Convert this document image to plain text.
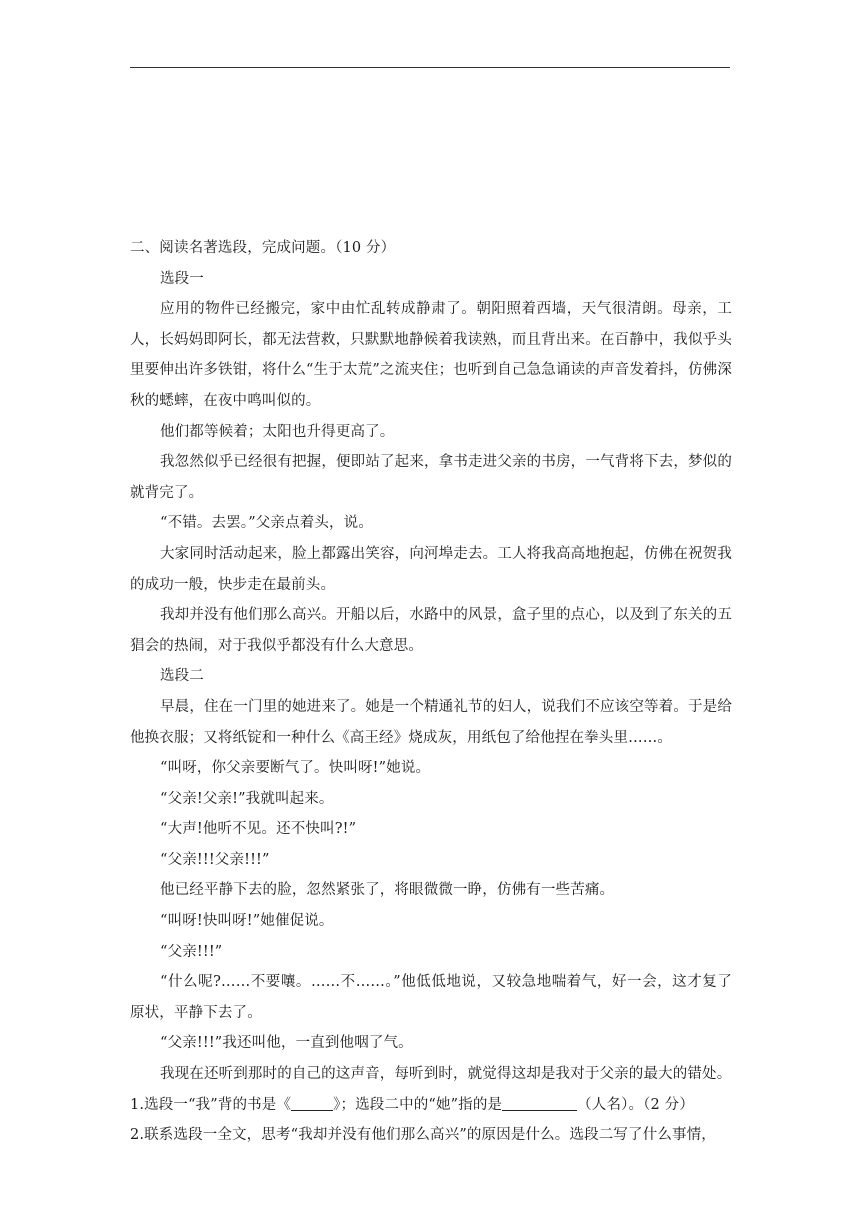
二、阅读名著选段，完成问题。（10 分）

选段一

应用的物件已经搬完，家中由忙乱转成静肃了。朝阳照着西墙，天气很清朗。母亲，工人，长妈妈即阿长，都无法营救，只默默地静候着我读熟，而且背出来。在百静中，我似乎头里要伸出许多铁钳，将什么“生于太荒”之流夹住；也听到自己急急诵读的声音发着抖，仿佛深秋的蟋蟀，在夜中鸣叫似的。

他们都等候着；太阳也升得更高了。

我忽然似乎已经很有把握，便即站了起来，拿书走进父亲的书房，一气背将下去，梦似的就背完了。

“不错。去罢。”父亲点着头，说。

大家同时活动起来，脸上都露出笑容，向河埠走去。工人将我高高地抱起，仿佛在祝贺我的成功一般，快步走在最前头。

我却并没有他们那么高兴。开船以后，水路中的风景，盒子里的点心，以及到了东关的五猖会的热闹，对于我似乎都没有什么大意思。

选段二

早晨，住在一门里的她进来了。她是一个精通礼节的妇人，说我们不应该空等着。于是给他换衣服；又将纸锭和一种什么《高王经》烧成灰，用纸包了给他捏在拳头里……。

“叫呀，你父亲要断气了。快叫呀!”她说。

“父亲!父亲!”我就叫起来。

“大声!他听不见。还不快叫?!”

“父亲!!!父亲!!!”

他已经平静下去的脸，忽然紧张了，将眼微微一睁，仿佛有一些苦痛。

“叫呀!快叫呀!”她催促说。

“父亲!!!”

“什么呢?……不要嚷。……不……。”他低低地说，又较急地喘着气，好一会，这才复了原状，平静下去了。

“父亲!!!”我还叫他，一直到他咽了气。

我现在还听到那时的自己的这声音，每听到时，就觉得这却是我对于父亲的最大的错处。

1.选段一“我”背的书是《	》；选段二中的“她”指的是	（人名）。（2 分）

2.联系选段一全文，思考“我却并没有他们那么高兴”的原因是什么。选段二写了什么事情，
